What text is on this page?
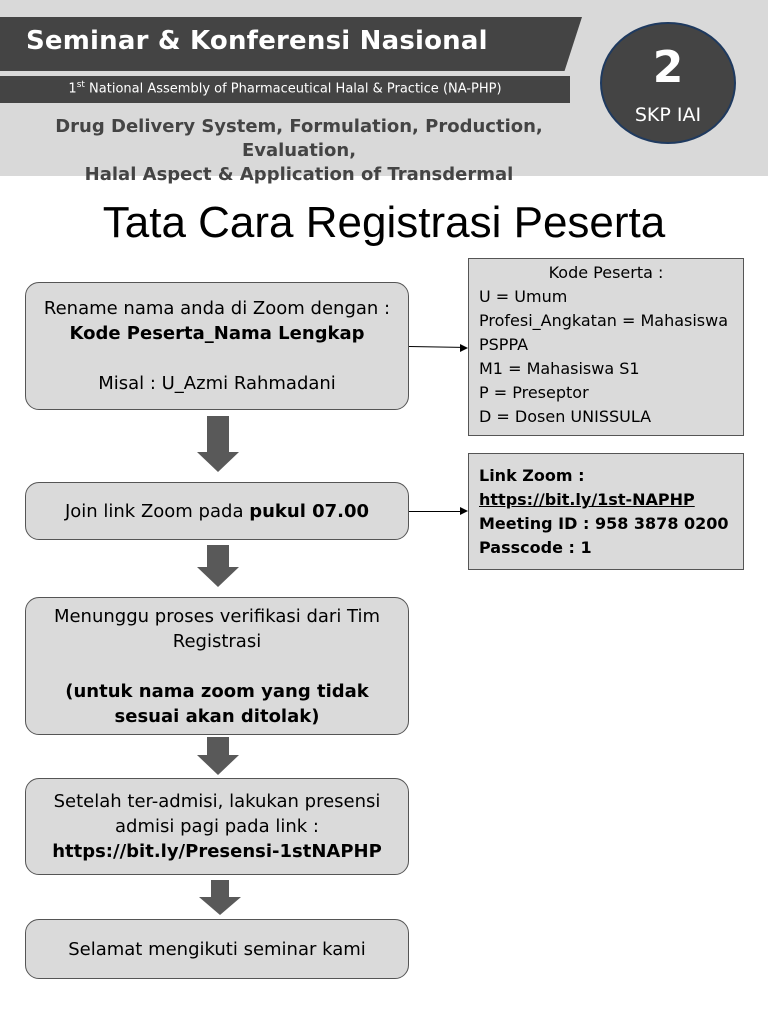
Seminar & Konferensi Nasional
1st National Assembly of Pharmaceutical Halal & Practice (NA-PHP)
Drug Delivery System, Formulation, Production, Evaluation,
Halal Aspect & Application of Transdermal
2
SKP IAI
Tata Cara Registrasi Peserta
Rename nama anda di Zoom dengan :
Kode Peserta_Nama Lengkap
Misal : U_Azmi Rahmadani
Join link Zoom pada pukul 07.00
Menunggu proses verifikasi dari Tim Registrasi
(untuk nama zoom yang tidak sesuai akan ditolak)
Setelah ter-admisi, lakukan presensi admisi pagi pada link :
https://bit.ly/Presensi-1stNAPHP
Selamat mengikuti seminar kami
Kode Peserta :
U = Umum
Profesi_Angkatan = Mahasiswa PSPPA
M1 = Mahasiswa S1
P = Preseptor
D = Dosen UNISSULA
Link Zoom : https://bit.ly/1st-NAPHP
Meeting ID : 958 3878 0200
Passcode : 1
